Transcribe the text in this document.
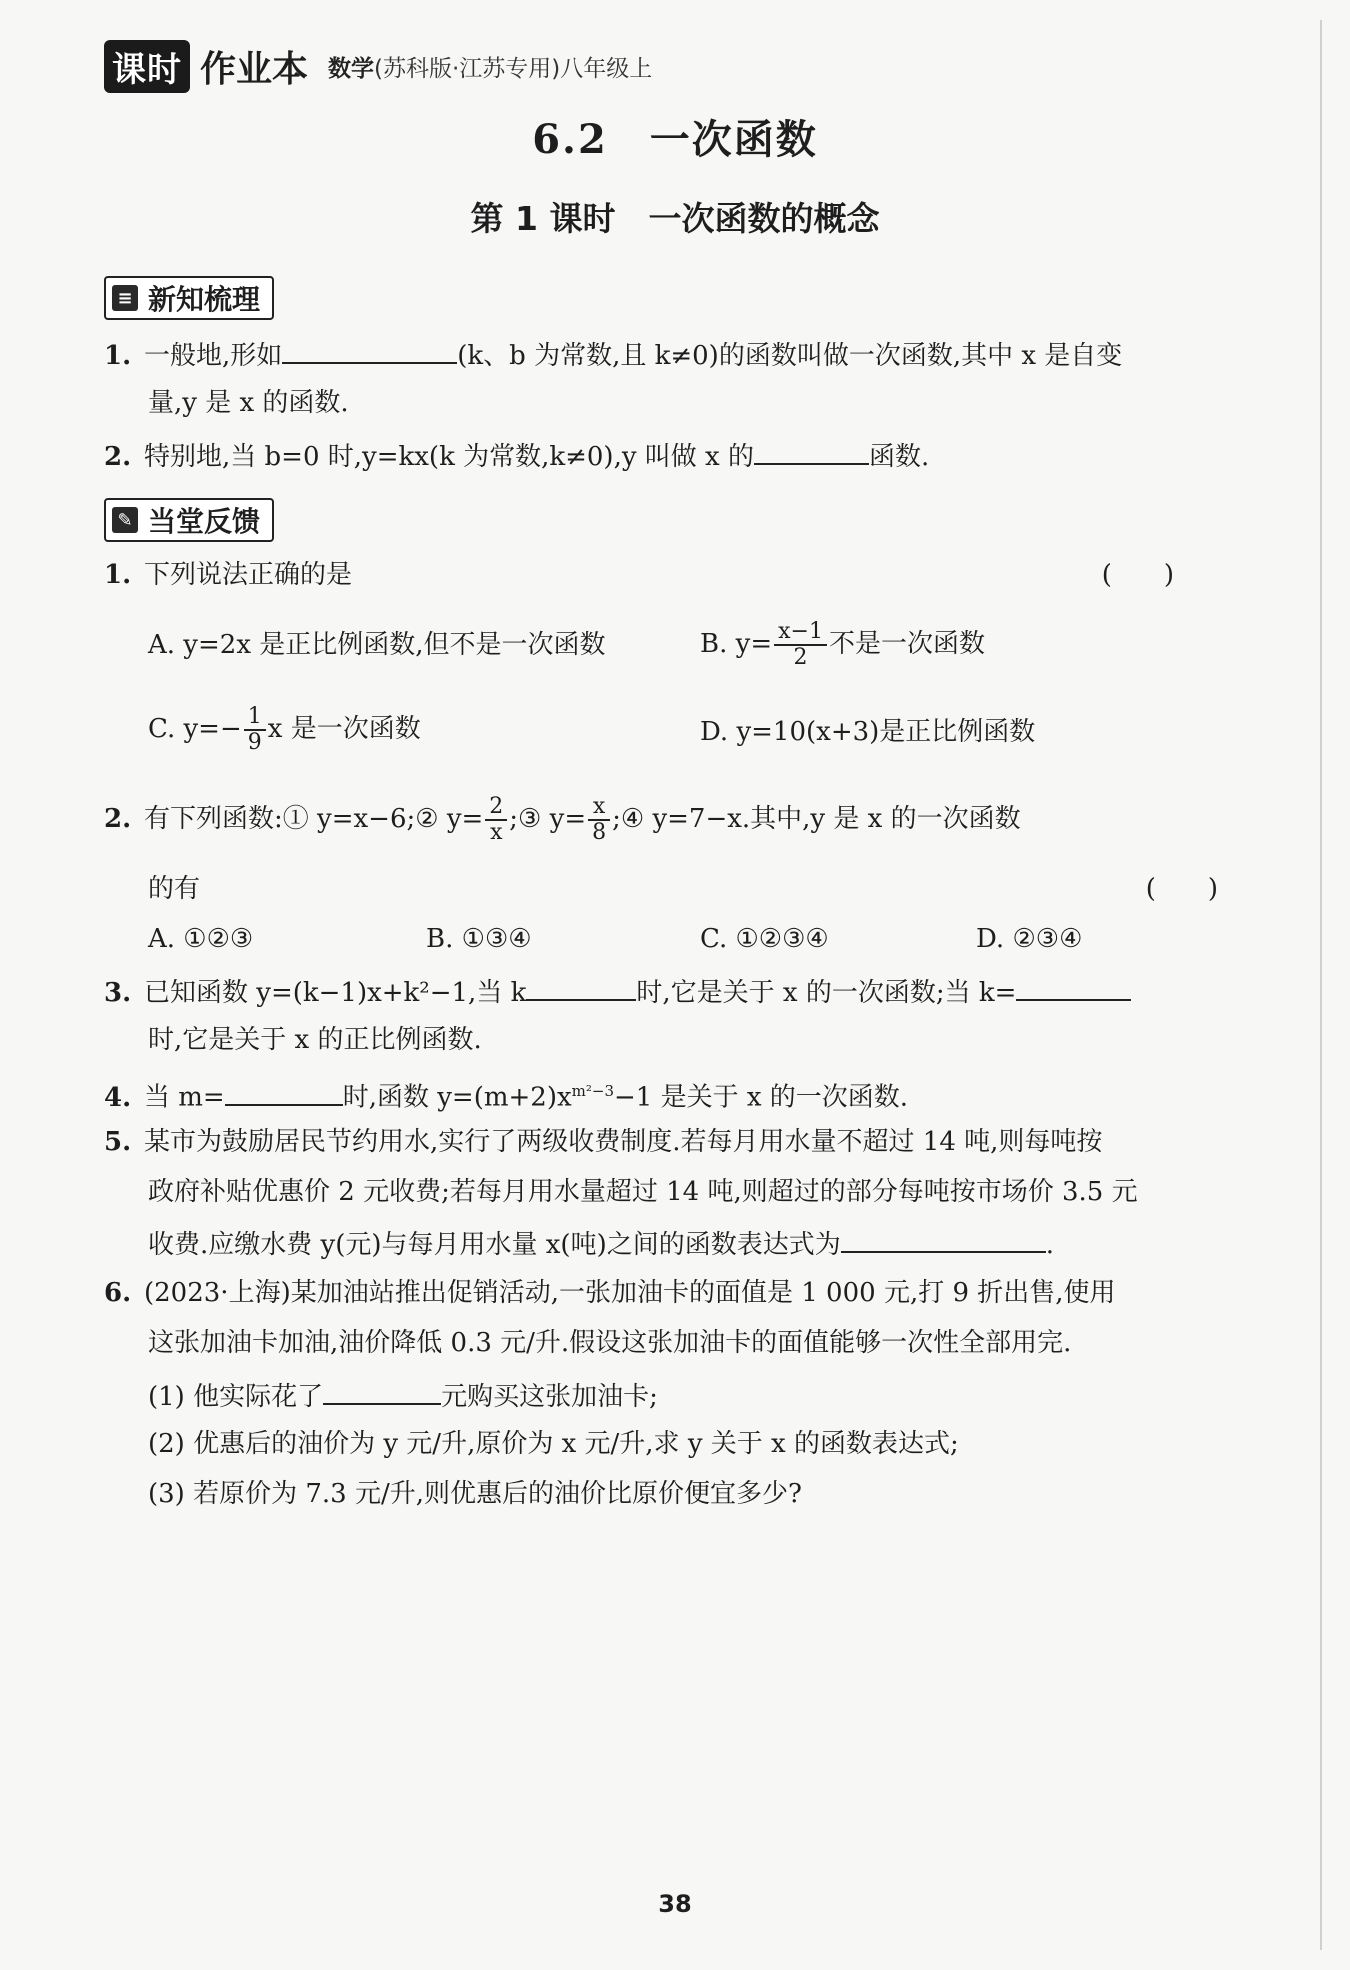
课时 作业本 数学(苏科版·江苏专用)八年级上
6.2　一次函数
第 1 课时　一次函数的概念
≡ 新知梳理
1. 一般地,形如	(k、b 为常数,且 k≠0)的函数叫做一次函数,其中 x 是自变
量,y 是 x 的函数.
2. 特别地,当 b=0 时,y=kx(k 为常数,k≠0),y 叫做 x 的	函数.
✎ 当堂反馈
1. 下列说法正确的是	(　　)
A. y=2x 是正比例函数,但不是一次函数	B. $y= \frac{x-1}{2}$ 不是一次函数
C. $y=- \frac{1}{9}$ x 是一次函数	D. y=10(x+3)是正比例函数
2. 有下列函数:① y=x−6;② $y= \frac{2}{x}$ ;③ $y= \frac{x}{8}$ ;④ y=7−x.其中,y 是 x 的一次函数
的有	(　　)
A. ①②③	B. ①③④	C. ①②③④	D. ②③④
3. 已知函数 y=(k−1)x+k²−1,当 k	时,它是关于 x 的一次函数;当 k=
时,它是关于 x 的正比例函数.
4. 当 m=	时,函数 $y=(m+2)x^{m^2-3}-1$ 是关于 x 的一次函数.
5. 某市为鼓励居民节约用水,实行了两级收费制度.若每月用水量不超过 14 吨,则每吨按
政府补贴优惠价 2 元收费;若每月用水量超过 14 吨,则超过的部分每吨按市场价 3.5 元
收费.应缴水费 y(元)与每月用水量 x(吨)之间的函数表达式为	.
6. (2023·上海)某加油站推出促销活动,一张加油卡的面值是 1 000 元,打 9 折出售,使用
这张加油卡加油,油价降低 0.3 元/升.假设这张加油卡的面值能够一次性全部用完.
(1) 他实际花了	元购买这张加油卡;
(2) 优惠后的油价为 y 元/升,原价为 x 元/升,求 y 关于 x 的函数表达式;
(3) 若原价为 7.3 元/升,则优惠后的油价比原价便宜多少?
38
